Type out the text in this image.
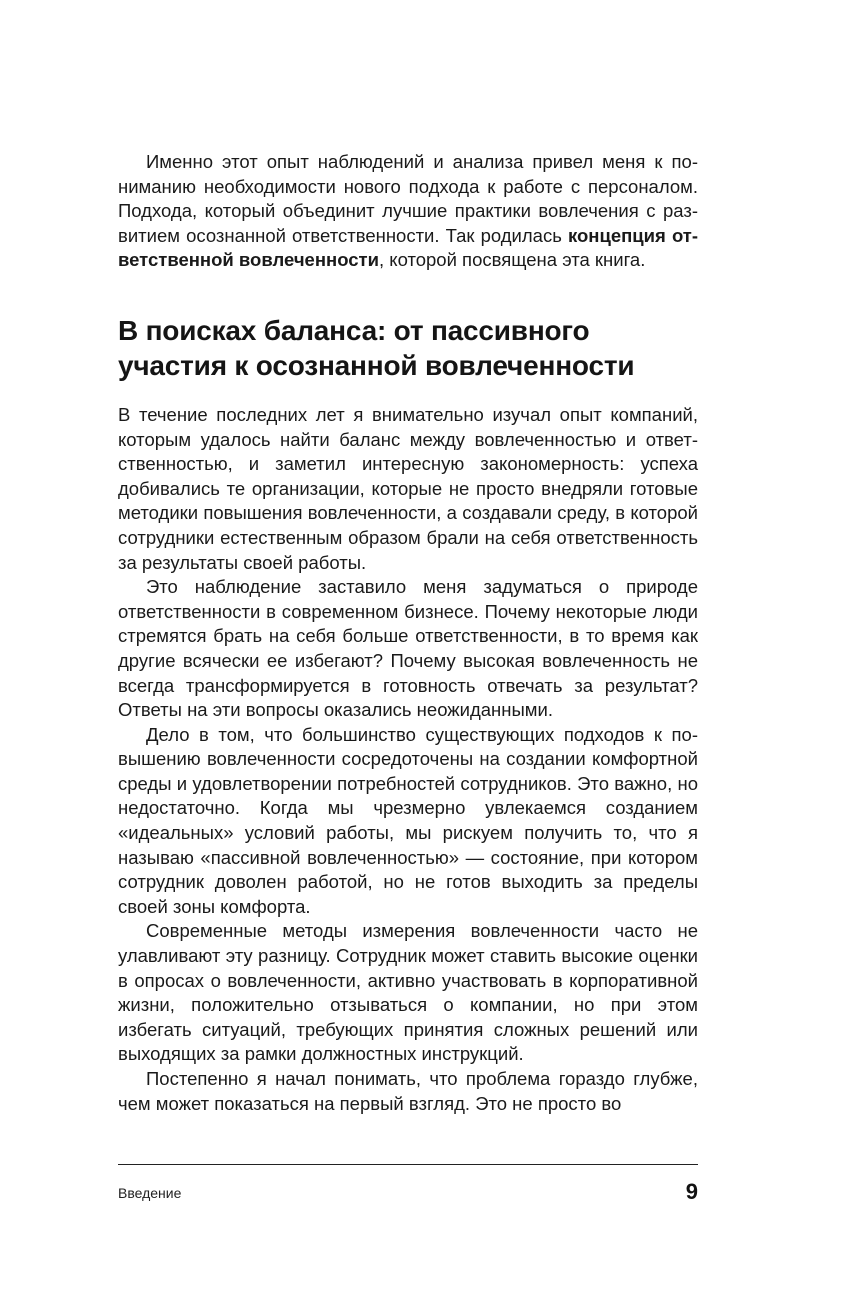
Именно этот опыт наблюдений и анализа привел меня к пониманию необходимости нового подхода к работе с персоналом. Подхода, который объединит лучшие практики вовлечения с развитием осознанной ответственности. Так родилась концепция ответственной вовлеченности, которой посвящена эта книга.

В поисках баланса: от пассивного участия к осознанной вовлеченности

В течение последних лет я внимательно изучал опыт компаний, которым удалось найти баланс между вовлеченностью и ответственностью, и заметил интересную закономерность: успеха добивались те организации, которые не просто внедряли готовые методики повышения вовлеченности, а создавали среду, в которой сотрудники естественным образом брали на себя ответственность за результаты своей работы.

Это наблюдение заставило меня задуматься о природе ответственности в современном бизнесе. Почему некоторые люди стремятся брать на себя больше ответственности, в то время как другие всячески ее избегают? Почему высокая вовлеченность не всегда трансформируется в готовность отвечать за результат? Ответы на эти вопросы оказались неожиданными.

Дело в том, что большинство существующих подходов к повышению вовлеченности сосредоточены на создании комфортной среды и удовлетворении потребностей сотрудников. Это важно, но недостаточно. Когда мы чрезмерно увлекаемся созданием «идеальных» условий работы, мы рискуем получить то, что я называю «пассивной вовлеченностью» — состояние, при котором сотрудник доволен работой, но не готов выходить за пределы своей зоны комфорта.

Современные методы измерения вовлеченности часто не улавливают эту разницу. Сотрудник может ставить высокие оценки в опросах о вовлеченности, активно участвовать в корпоративной жизни, положительно отзываться о компании, но при этом избегать ситуаций, требующих принятия сложных решений или выходящих за рамки должностных инструкций.

Постепенно я начал понимать, что проблема гораздо глубже, чем может показаться на первый взгляд. Это не просто во

Введение	9
